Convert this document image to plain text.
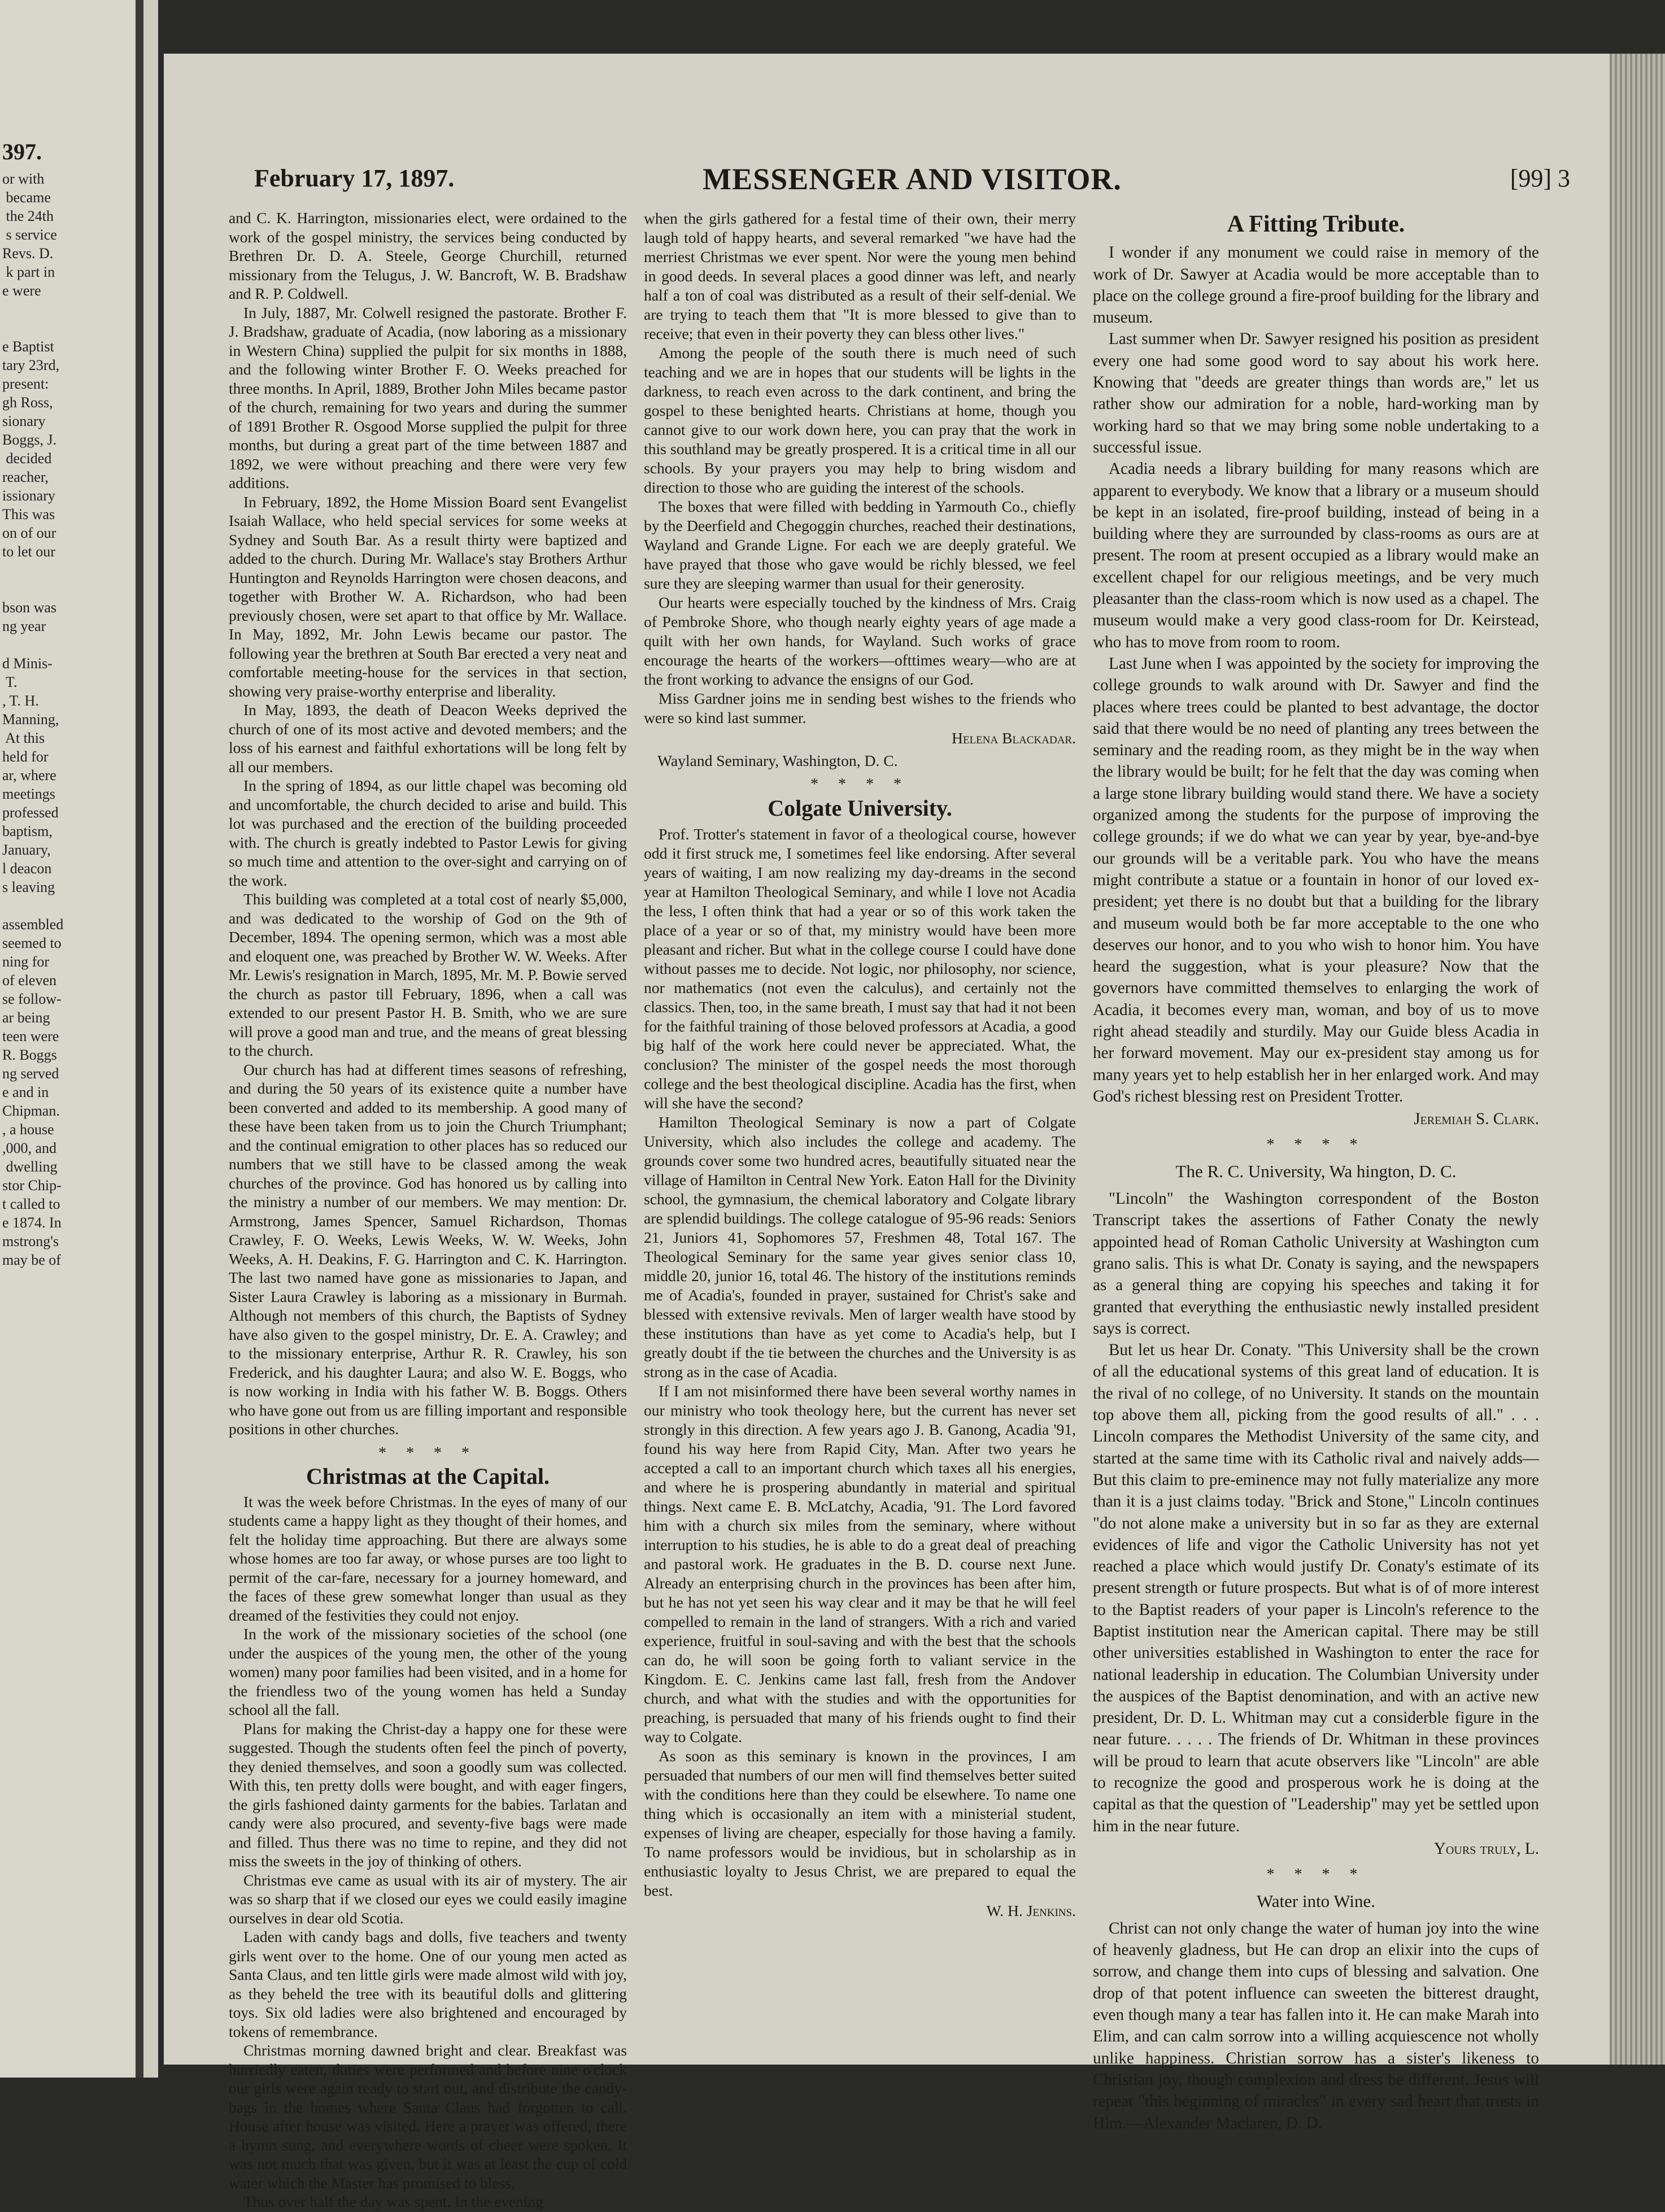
397.
or with
became
the 24th
s service
Revs. D.
k part in
e were

e Baptist
tary 23rd,
present:
gh Ross,
sionary
Boggs, J.
decided
reacher,
issionary
This was
on of our
to let our

bson was
ng year

d Minis-
T.
, T. H.
Manning,
At this
held for
ar, where
meetings
professed
baptism,
January,
l deacon
s leaving

assembled
seemed to
ning for
of eleven
se follow-
ar being
teen were
R. Boggs
ng served
e and in
Chipman.
, a house
,000, and
dwelling
stor Chip-
t called to
e 1874. In
mstrong's
may be of
February 17, 1897.	MESSENGER AND VISITOR.	[99] 3

and C. K. Harrington, missionaries elect, were ordained to the work of the gospel ministry, the services being conducted by Brethren Dr. D. A. Steele, George Churchill, returned missionary from the Telugus, J. W. Bancroft, W. B. Bradshaw and R. P. Coldwell.

In July, 1887, Mr. Colwell resigned the pastorate. Brother F. J. Bradshaw, graduate of Acadia, (now laboring as a missionary in Western China) supplied the pulpit for six months in 1888, and the following winter Brother F. O. Weeks preached for three months. In April, 1889, Brother John Miles became pastor of the church, remaining for two years and during the summer of 1891 Brother R. Osgood Morse supplied the pulpit for three months, but during a great part of the time between 1887 and 1892, we were without preaching and there were very few additions.

In February, 1892, the Home Mission Board sent Evangelist Isaiah Wallace, who held special services for some weeks at Sydney and South Bar. As a result thirty were baptized and added to the church. During Mr. Wallace's stay Brothers Arthur Huntington and Reynolds Harrington were chosen deacons, and together with Brother W. A. Richardson, who had been previously chosen, were set apart to that office by Mr. Wallace. In May, 1892, Mr. John Lewis became our pastor. The following year the brethren at South Bar erected a very neat and comfortable meeting-house for the services in that section, showing very praise-worthy enterprise and liberality.

In May, 1893, the death of Deacon Weeks deprived the church of one of its most active and devoted members; and the loss of his earnest and faithful exhortations will be long felt by all our members.

In the spring of 1894, as our little chapel was becoming old and uncomfortable, the church decided to arise and build. This lot was purchased and the erection of the building proceeded with. The church is greatly indebted to Pastor Lewis for giving so much time and attention to the over-sight and carrying on of the work.

This building was completed at a total cost of nearly $5,000, and was dedicated to the worship of God on the 9th of December, 1894. The opening sermon, which was a most able and eloquent one, was preached by Brother W. W. Weeks. After Mr. Lewis's resignation in March, 1895, Mr. M. P. Bowie served the church as pastor till February, 1896, when a call was extended to our present Pastor H. B. Smith, who we are sure will prove a good man and true, and the means of great blessing to the church.

Our church has had at different times seasons of refreshing, and during the 50 years of its existence quite a number have been converted and added to its membership. A good many of these have been taken from us to join the Church Triumphant; and the continual emigration to other places has so reduced our numbers that we still have to be classed among the weak churches of the province. God has honored us by calling into the ministry a number of our members. We may mention: Dr. Armstrong, James Spencer, Samuel Richardson, Thomas Crawley, F. O. Weeks, Lewis Weeks, W. W. Weeks, John Weeks, A. H. Deakins, F. G. Harrington and C. K. Harrington. The last two named have gone as missionaries to Japan, and Sister Laura Crawley is laboring as a missionary in Burmah. Although not members of this church, the Baptists of Sydney have also given to the gospel ministry, Dr. E. A. Crawley; and to the missionary enterprise, Arthur R. R. Crawley, his son Frederick, and his daughter Laura; and also W. E. Boggs, who is now working in India with his father W. B. Boggs. Others who have gone out from us are filling important and responsible positions in other churches.

* * * *
Christmas at the Capital.

It was the week before Christmas. In the eyes of many of our students came a happy light as they thought of their homes, and felt the holiday time approaching. But there are always some whose homes are too far away, or whose purses are too light to permit of the car-fare, necessary for a journey homeward, and the faces of these grew somewhat longer than usual as they dreamed of the festivities they could not enjoy.

In the work of the missionary societies of the school (one under the auspices of the young men, the other of the young women) many poor families had been visited, and in a home for the friendless two of the young women has held a Sunday school all the fall.

Plans for making the Christ-day a happy one for these were suggested. Though the students often feel the pinch of poverty, they denied themselves, and soon a goodly sum was collected. With this, ten pretty dolls were bought, and with eager fingers, the girls fashioned dainty garments for the babies. Tarlatan and candy were also procured, and seventy-five bags were made and filled. Thus there was no time to repine, and they did not miss the sweets in the joy of thinking of others.

Christmas eve came as usual with its air of mystery. The air was so sharp that if we closed our eyes we could easily imagine ourselves in dear old Scotia.

Laden with candy bags and dolls, five teachers and twenty girls went over to the home. One of our young men acted as Santa Claus, and ten little girls were made almost wild with joy, as they beheld the tree with its beautiful dolls and glittering toys. Six old ladies were also brightened and encouraged by tokens of remembrance.

Christmas morning dawned bright and clear. Breakfast was hurriedly eaten, duties were performed and before nine o'clock our girls were again ready to start out, and distribute the candy-bags in the homes where Santa Claus had forgotten to call. House after house was visited. Here a prayer was offered, there a hymn sung, and everywhere words of cheer were spoken. It was not much that was given, but it was at least the cup of cold water which the Master has promised to bless.

Thus over half the day was spent. In the evening

when the girls gathered for a festal time of their own, their merry laugh told of happy hearts, and several remarked "we have had the merriest Christmas we ever spent. Nor were the young men behind in good deeds. In several places a good dinner was left, and nearly half a ton of coal was distributed as a result of their self-denial. We are trying to teach them that "It is more blessed to give than to receive; that even in their poverty they can bless other lives."

Among the people of the south there is much need of such teaching and we are in hopes that our students will be lights in the darkness, to reach even across to the dark continent, and bring the gospel to these benighted hearts. Christians at home, though you cannot give to our work down here, you can pray that the work in this southland may be greatly prospered. It is a critical time in all our schools. By your prayers you may help to bring wisdom and direction to those who are guiding the interest of the schools.

The boxes that were filled with bedding in Yarmouth Co., chiefly by the Deerfield and Chegoggin churches, reached their destinations, Wayland and Grande Ligne. For each we are deeply grateful. We have prayed that those who gave would be richly blessed, we feel sure they are sleeping warmer than usual for their generosity.

Our hearts were especially touched by the kindness of Mrs. Craig of Pembroke Shore, who though nearly eighty years of age made a quilt with her own hands, for Wayland. Such works of grace encourage the hearts of the workers—ofttimes weary—who are at the front working to advance the ensigns of our God.

Miss Gardner joins me in sending best wishes to the friends who were so kind last summer.

Helena Blackadar.
Wayland Seminary, Washington, D. C.
* * * *
Colgate University.

Prof. Trotter's statement in favor of a theological course, however odd it first struck me, I sometimes feel like endorsing. After several years of waiting, I am now realizing my day-dreams in the second year at Hamilton Theological Seminary, and while I love not Acadia the less, I often think that had a year or so of this work taken the place of a year or so of that, my ministry would have been more pleasant and richer. But what in the college course I could have done without passes me to decide. Not logic, nor philosophy, nor science, nor mathematics (not even the calculus), and certainly not the classics. Then, too, in the same breath, I must say that had it not been for the faithful training of those beloved professors at Acadia, a good big half of the work here could never be appreciated. What, the conclusion? The minister of the gospel needs the most thorough college and the best theological discipline. Acadia has the first, when will she have the second?

Hamilton Theological Seminary is now a part of Colgate University, which also includes the college and academy. The grounds cover some two hundred acres, beautifully situated near the village of Hamilton in Central New York. Eaton Hall for the Divinity school, the gymnasium, the chemical laboratory and Colgate library are splendid buildings. The college catalogue of 95-96 reads: Seniors 21, Juniors 41, Sophomores 57, Freshmen 48, Total 167. The Theological Seminary for the same year gives senior class 10, middle 20, junior 16, total 46. The history of the institutions reminds me of Acadia's, founded in prayer, sustained for Christ's sake and blessed with extensive revivals. Men of larger wealth have stood by these institutions than have as yet come to Acadia's help, but I greatly doubt if the tie between the churches and the University is as strong as in the case of Acadia.

If I am not misinformed there have been several worthy names in our ministry who took theology here, but the current has never set strongly in this direction. A few years ago J. B. Ganong, Acadia '91, found his way here from Rapid City, Man. After two years he accepted a call to an important church which taxes all his energies, and where he is prospering abundantly in material and spiritual things. Next came E. B. McLatchy, Acadia, '91. The Lord favored him with a church six miles from the seminary, where without interruption to his studies, he is able to do a great deal of preaching and pastoral work. He graduates in the B. D. course next June. Already an enterprising church in the provinces has been after him, but he has not yet seen his way clear and it may be that he will feel compelled to remain in the land of strangers. With a rich and varied experience, fruitful in soul-saving and with the best that the schools can do, he will soon be going forth to valiant service in the Kingdom. E. C. Jenkins came last fall, fresh from the Andover church, and what with the studies and with the opportunities for preaching, is persuaded that many of his friends ought to find their way to Colgate.

As soon as this seminary is known in the provinces, I am persuaded that numbers of our men will find themselves better suited with the conditions here than they could be elsewhere. To name one thing which is occasionally an item with a ministerial student, expenses of living are cheaper, especially for those having a family. To name professors would be invidious, but in scholarship as in enthusiastic loyalty to Jesus Christ, we are prepared to equal the best.

W. H. Jenkins.
A Fitting Tribute.

I wonder if any monument we could raise in memory of the work of Dr. Sawyer at Acadia would be more acceptable than to place on the college ground a fire-proof building for the library and museum.

Last summer when Dr. Sawyer resigned his position as president every one had some good word to say about his work here. Knowing that "deeds are greater things than words are," let us rather show our admiration for a noble, hard-working man by working hard so that we may bring some noble undertaking to a successful issue.

Acadia needs a library building for many reasons which are apparent to everybody. We know that a library or a museum should be kept in an isolated, fire-proof building, instead of being in a building where they are surrounded by class-rooms as ours are at present. The room at present occupied as a library would make an excellent chapel for our religious meetings, and be very much pleasanter than the class-room which is now used as a chapel. The museum would make a very good class-room for Dr. Keirstead, who has to move from room to room.

Last June when I was appointed by the society for improving the college grounds to walk around with Dr. Sawyer and find the places where trees could be planted to best advantage, the doctor said that there would be no need of planting any trees between the seminary and the reading room, as they might be in the way when the library would be built; for he felt that the day was coming when a large stone library building would stand there. We have a society organized among the students for the purpose of improving the college grounds; if we do what we can year by year, bye-and-bye our grounds will be a veritable park. You who have the means might contribute a statue or a fountain in honor of our loved ex-president; yet there is no doubt but that a building for the library and museum would both be far more acceptable to the one who deserves our honor, and to you who wish to honor him. You have heard the suggestion, what is your pleasure? Now that the governors have committed themselves to enlarging the work of Acadia, it becomes every man, woman, and boy of us to move right ahead steadily and sturdily. May our Guide bless Acadia in her forward movement. May our ex-president stay among us for many years yet to help establish her in her enlarged work. And may God's richest blessing rest on President Trotter.

Jeremiah S. Clark.
* * * *
The R. C. University, Wa hington, D. C.

"Lincoln" the Washington correspondent of the Boston Transcript takes the assertions of Father Conaty the newly appointed head of Roman Catholic University at Washington cum grano salis. This is what Dr. Conaty is saying, and the newspapers as a general thing are copying his speeches and taking it for granted that everything the enthusiastic newly installed president says is correct.

But let us hear Dr. Conaty. "This University shall be the crown of all the educational systems of this great land of education. It is the rival of no college, of no University. It stands on the mountain top above them all, picking from the good results of all." . . . Lincoln compares the Methodist University of the same city, and started at the same time with its Catholic rival and naively adds—But this claim to pre-eminence may not fully materialize any more than it is a just claims today. "Brick and Stone," Lincoln continues "do not alone make a university but in so far as they are external evidences of life and vigor the Catholic University has not yet reached a place which would justify Dr. Conaty's estimate of its present strength or future prospects. But what is of of more interest to the Baptist readers of your paper is Lincoln's reference to the Baptist institution near the American capital. There may be still other universities established in Washington to enter the race for national leadership in education. The Columbian University under the auspices of the Baptist denomination, and with an active new president, Dr. D. L. Whitman may cut a considerble figure in the near future. . . . . The friends of Dr. Whitman in these provinces will be proud to learn that acute observers like "Lincoln" are able to recognize the good and prosperous work he is doing at the capital as that the question of "Leadership" may yet be settled upon him in the near future.

Yours truly, L.
* * * *
Water into Wine.

Christ can not only change the water of human joy into the wine of heavenly gladness, but He can drop an elixir into the cups of sorrow, and change them into cups of blessing and salvation. One drop of that potent influence can sweeten the bitterest draught, even though many a tear has fallen into it. He can make Marah into Elim, and can calm sorrow into a willing acquiescence not wholly unlike happiness. Christian sorrow has a sister's likeness to Christian joy, though complexion and dress be different. Jesus will repeat "this beginning of miracles" in every sad heart that trusts in Him.—Alexander Maclaren, D. D.
